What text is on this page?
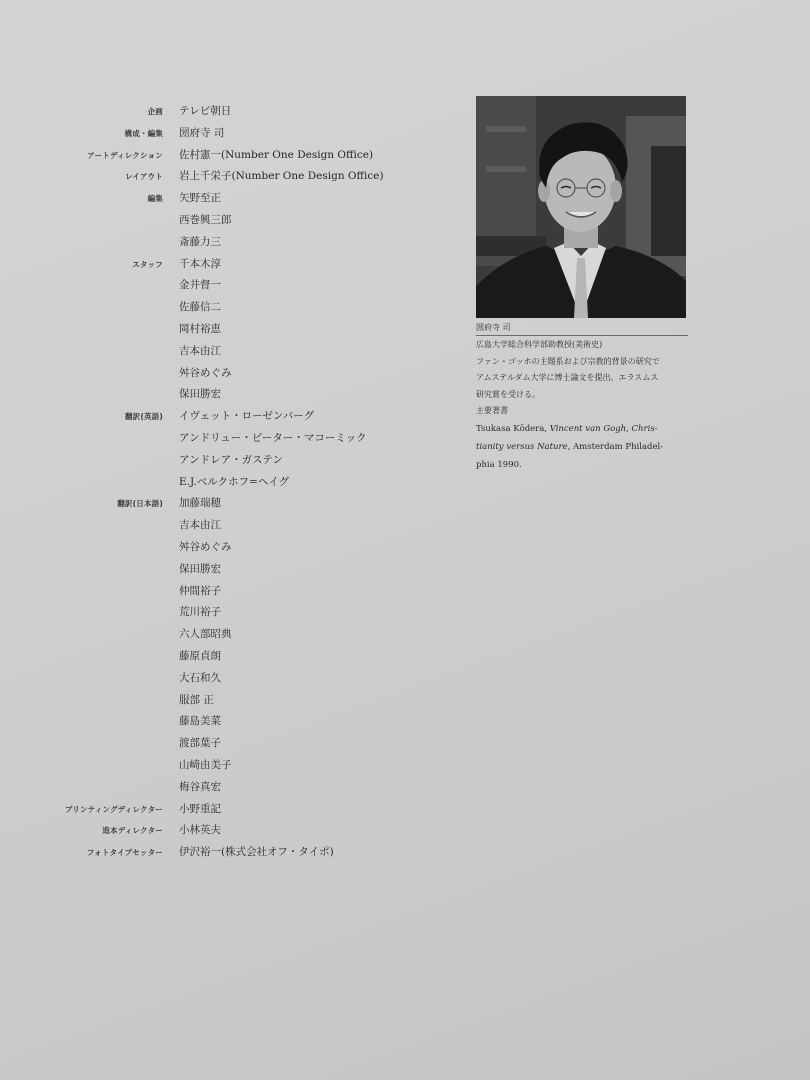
企画 テレビ朝日
構成・編集 圀府寺 司
アートディレクション 佐村憲一(Number One Design Office)
レイアウト 岩上千栄子(Number One Design Office)
編集 矢野至正
西巻興三郎
斎藤力三
スタッフ 千本木淳
金井督一
佐藤信二
岡村裕恵
吉本由江
舛谷めぐみ
保田勝宏
翻訳(英語) イヴェット・ローゼンバーグ
アンドリュー・ピーター・マコーミック
アンドレア・ガステン
E.J.ベルクホフ=ヘイグ
翻訳(日本語) 加藤瑞穂
吉本由江
舛谷めぐみ
保田勝宏
仲間裕子
荒川裕子
六人部昭典
藤原貞朗
大石和久
服部 正
藤島美菜
渡部葉子
山崎由美子
梅谷真宏
プリンティングディレクター 小野重記
造本ディレクター 小林英夫
フォトタイプセッター 伊沢裕一(株式会社オフ・タイポ)
圀府寺 司
広島大学総合科学部助教授(美術史)
ファン・ゴッホの主題系および宗教的背景の研究で
アムステルダム大学に博士論文を提出。エラスムス
研究賞を受ける。
主要著書
Tsukasa Kōdera, Vincent van Gogh, Chris-
tianity versus Nature, Amsterdam Philadel-
phia 1990.
